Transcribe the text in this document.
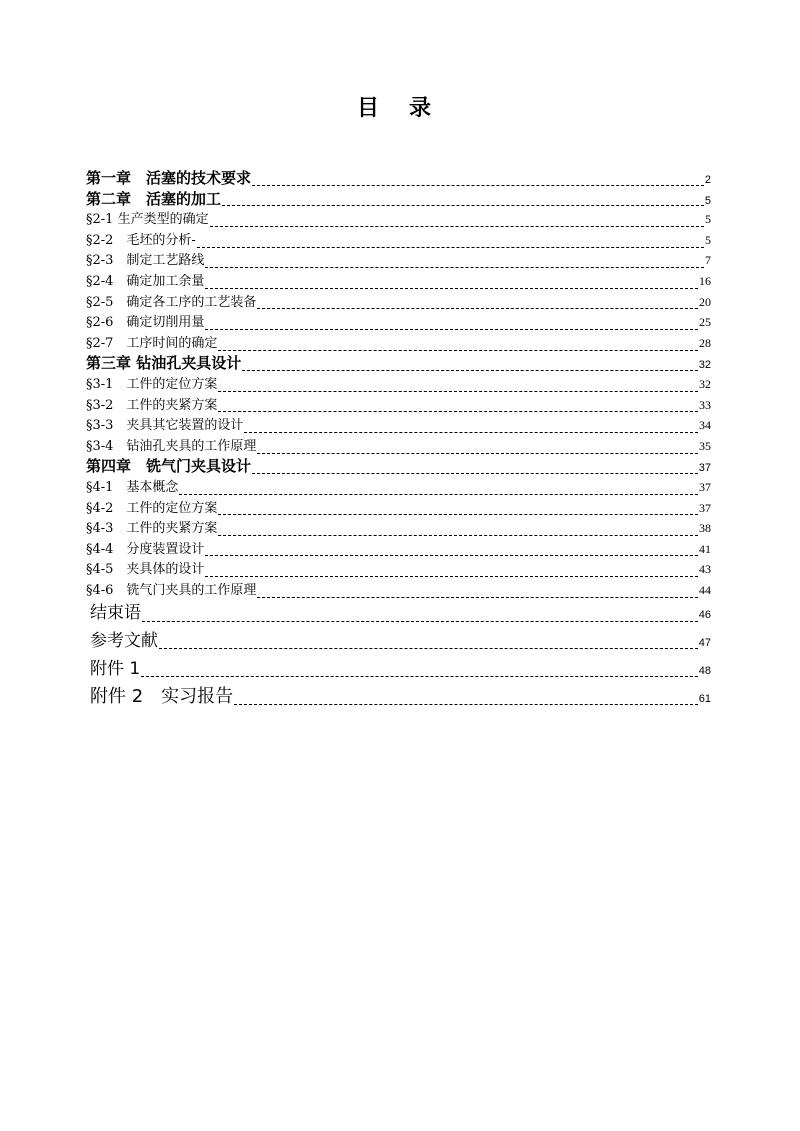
目 录
第一章　活塞的技术要求	2
第二章　活塞的加工	5
§2-1 生产类型的确定	5
§2-2　毛坯的分析-	5
§2-3　制定工艺路线	7
§2-4　确定加工余量	16
§2-5　确定各工序的工艺装备	20
§2-6　确定切削用量	25
§2-7　工序时间的确定	28
第三章 钻油孔夹具设计	32
§3-1　工件的定位方案	32
§3-2　工件的夹紧方案	33
§3-3　夹具其它装置的设计	34
§3-4　钻油孔夹具的工作原理	35
第四章　铣气门夹具设计	37
§4-1　基本概念	37
§4-2　工件的定位方案	37
§4-3　工件的夹紧方案	38
§4-4　分度装置设计	41
§4-5　夹具体的设计	43
§4-6　铣气门夹具的工作原理	44
结束语	46
参考文献	47
附件 1	48
附件 2　实习报告	61
